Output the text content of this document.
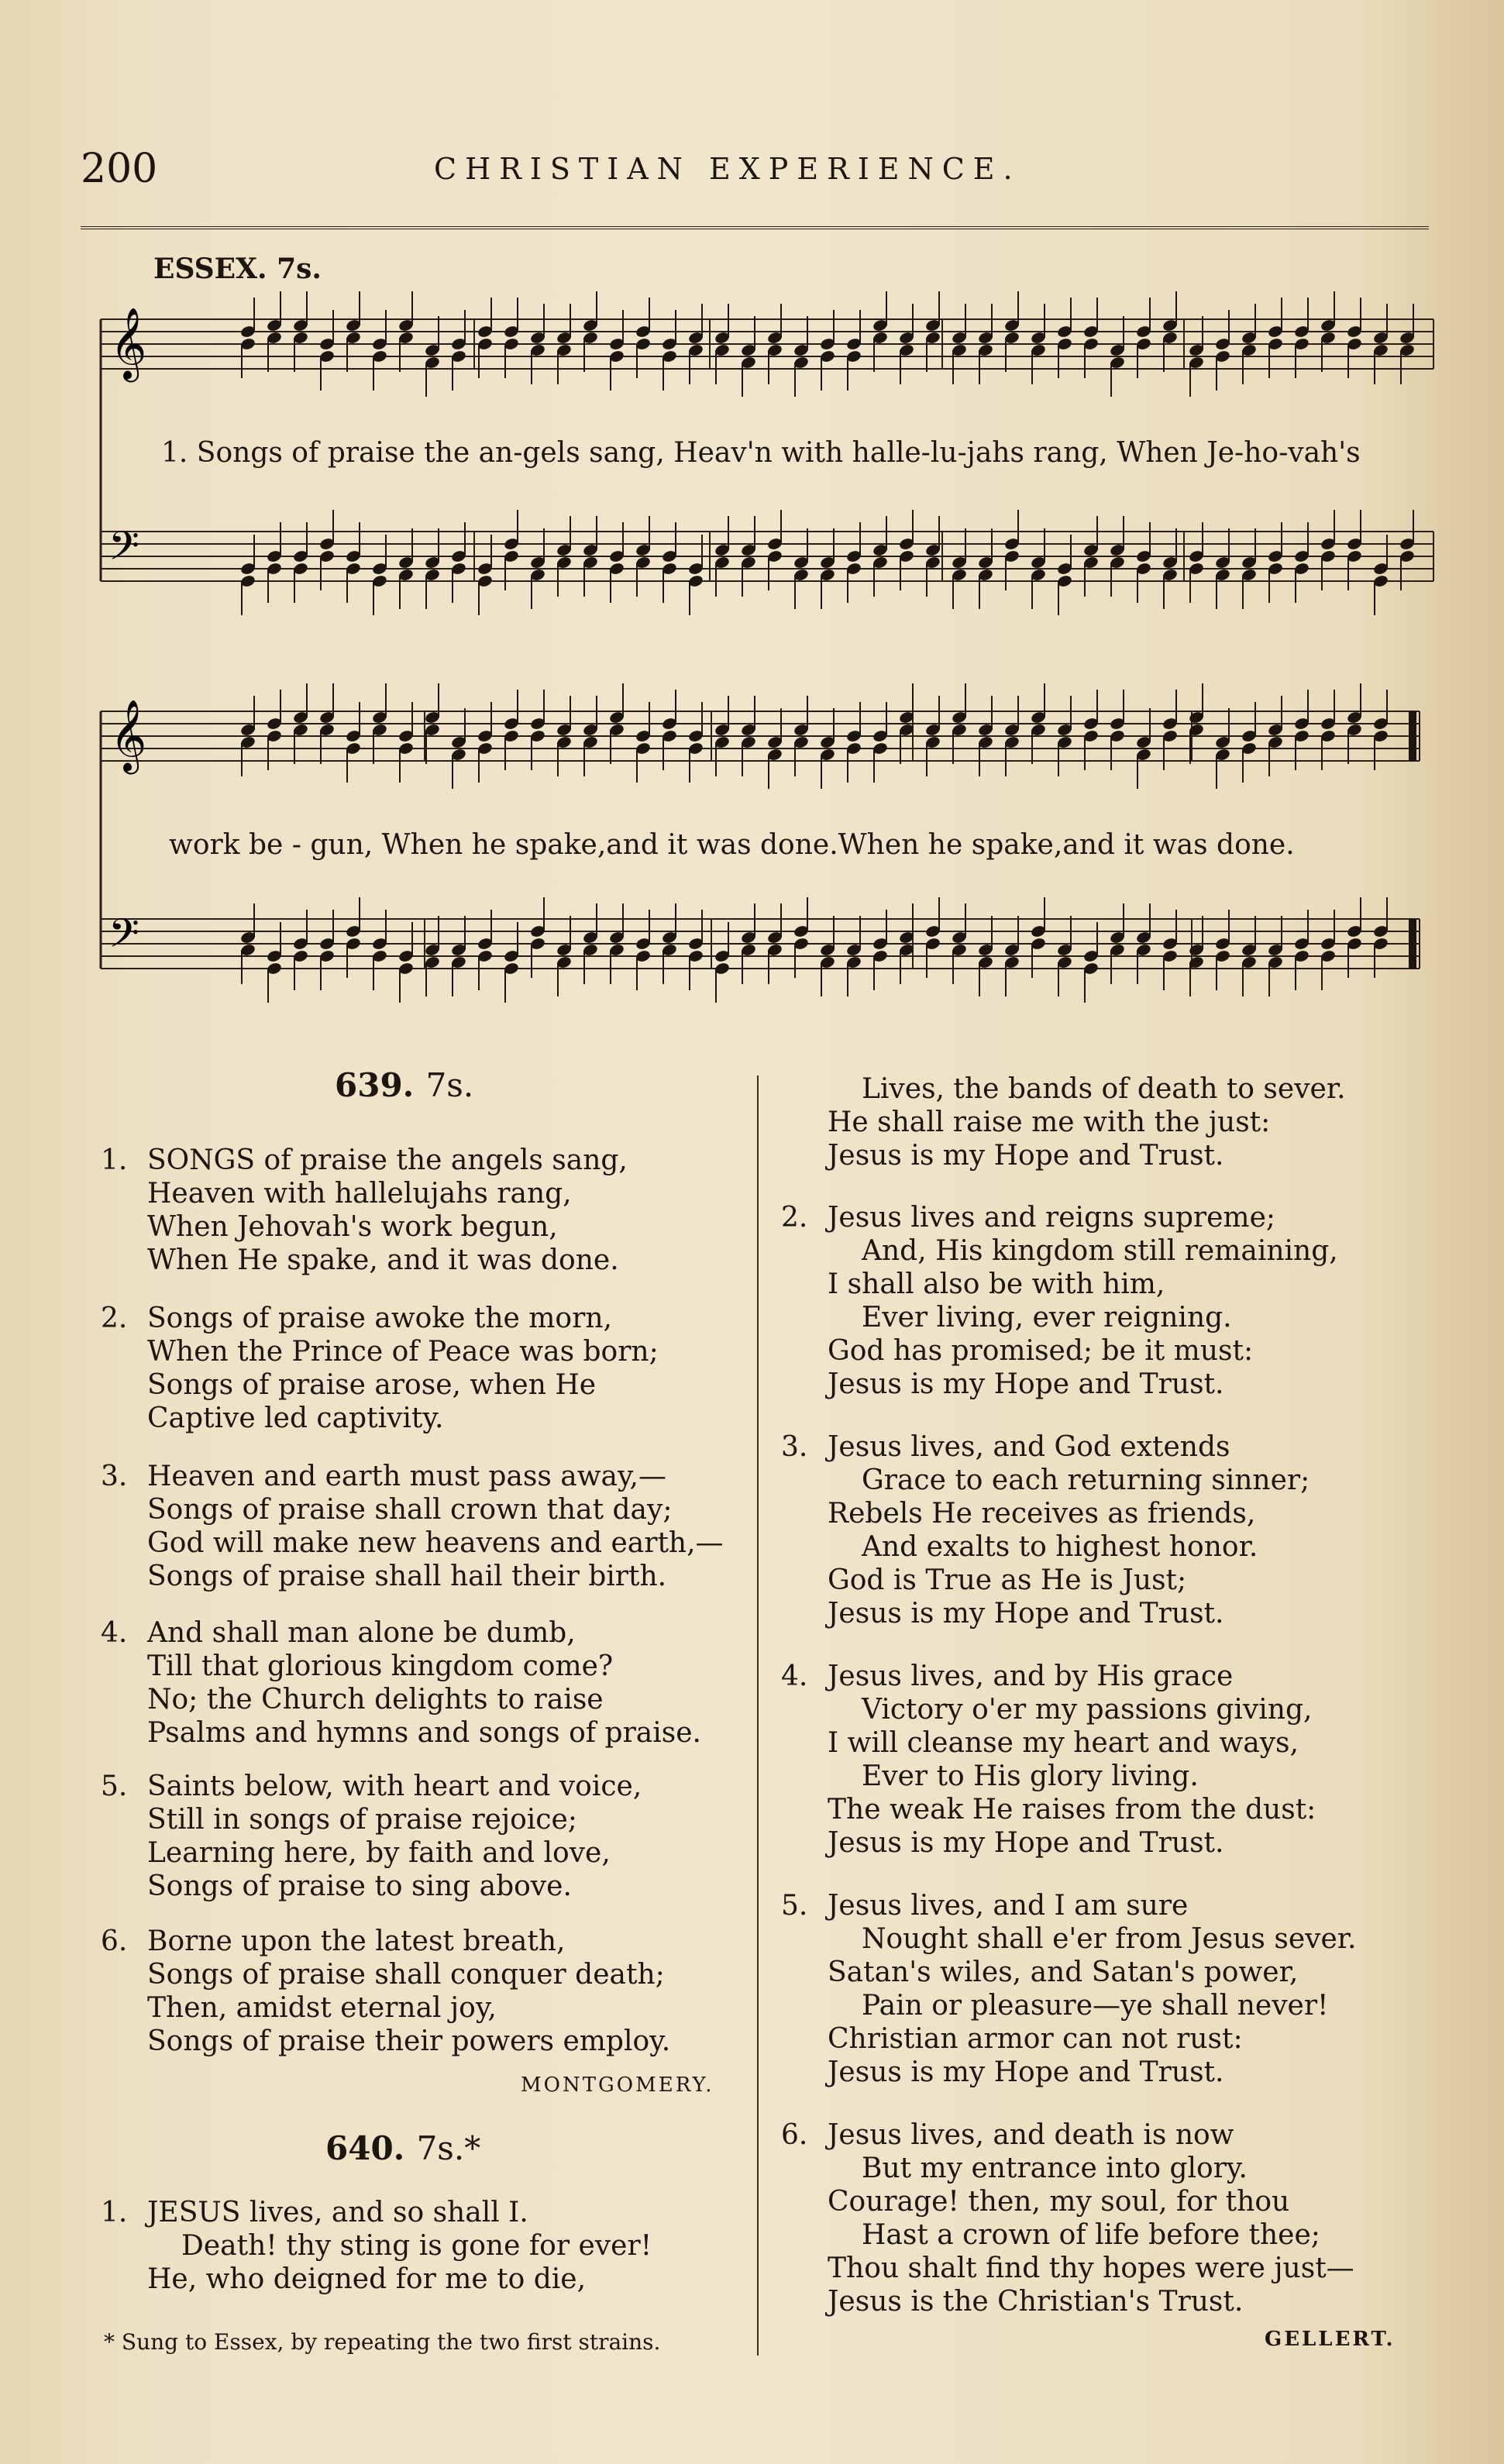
200	CHRISTIAN EXPERIENCE.
ESSEX. 7s.
𝄞
𝄢
𝄞
𝄢
1. Songs of praise the an-gels sang, Heav'n with halle-lu-jahs rang, When Je-ho-vah's
work be - gun, When he spake,and it was done.When he spake,and it was done.
639. 7s.
1. SONGS of praise the angels sang,
Heaven with hallelujahs rang,
When Jehovah's work begun,
When He spake, and it was done.
2. Songs of praise awoke the morn,
When the Prince of Peace was born;
Songs of praise arose, when He
Captive led captivity.
3. Heaven and earth must pass away,—
Songs of praise shall crown that day;
God will make new heavens and earth,—
Songs of praise shall hail their birth.
4. And shall man alone be dumb,
Till that glorious kingdom come?
No; the Church delights to raise
Psalms and hymns and songs of praise.
5. Saints below, with heart and voice,
Still in songs of praise rejoice;
Learning here, by faith and love,
Songs of praise to sing above.
6. Borne upon the latest breath,
Songs of praise shall conquer death;
Then, amidst eternal joy,
Songs of praise their powers employ.
MONTGOMERY.
640. 7s.*
1. JESUS lives, and so shall I.
Death! thy sting is gone for ever!
He, who deigned for me to die,
Lives, the bands of death to sever.
He shall raise me with the just:
Jesus is my Hope and Trust.
2. Jesus lives and reigns supreme;
And, His kingdom still remaining,
I shall also be with him,
Ever living, ever reigning.
God has promised; be it must:
Jesus is my Hope and Trust.
3. Jesus lives, and God extends
Grace to each returning sinner;
Rebels He receives as friends,
And exalts to highest honor.
God is True as He is Just;
Jesus is my Hope and Trust.
4. Jesus lives, and by His grace
Victory o'er my passions giving,
I will cleanse my heart and ways,
Ever to His glory living.
The weak He raises from the dust:
Jesus is my Hope and Trust.
5. Jesus lives, and I am sure
Nought shall e'er from Jesus sever.
Satan's wiles, and Satan's power,
Pain or pleasure—ye shall never!
Christian armor can not rust:
Jesus is my Hope and Trust.
6. Jesus lives, and death is now
But my entrance into glory.
Courage! then, my soul, for thou
Hast a crown of life before thee;
Thou shalt find thy hopes were just—
Jesus is the Christian's Trust.
GELLERT.
* Sung to Essex, by repeating the two first strains.
